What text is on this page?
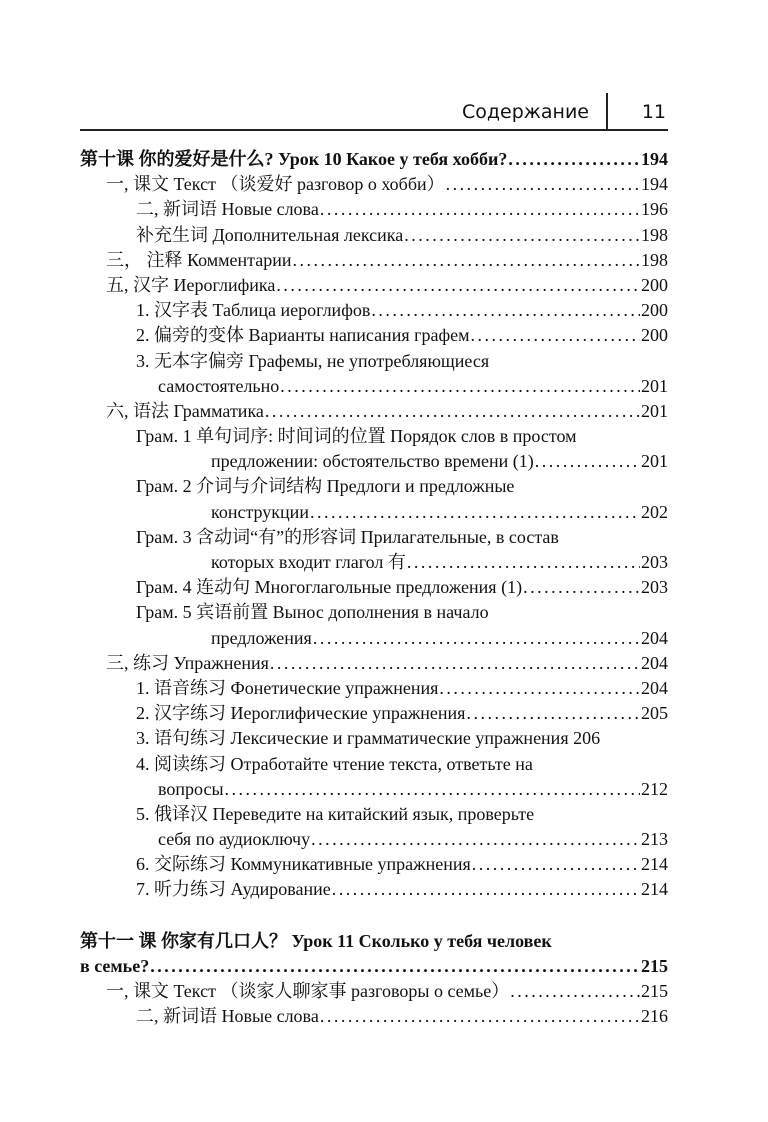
Содержание	11
第十课 你的爱好是什么? Урок 10 Какое у тебя хобби? . . .	194
一, 课文 Текст （谈爱好 разговор о хобби） . . .	194
二, 新词语 Новые слова . . .	196
补充生词 Дополнительная лексика . . .	198
三， 注释 Комментарии . . .	198
五, 汉字 Иероглифика . . .	200
1. 汉字表 Таблица иероглифов . . .	200
2. 偏旁的变体 Варианты написания графем . . .	200
3. 无本字偏旁 Графемы, не употребляющиеся
самостоятельно . . .	201
六, 语法 Грамматика . . .	201
Грам. 1 单句词序: 时间词的位置 Порядок слов в простом
предложении: обстоятельство времени (1) . . .	201
Грам. 2 介词与介词结构 Предлоги и предложные
конструкции . . .	202
Грам. 3 含动词“有”的形容词 Прилагательные, в состав
которых входит глагол 有 . . .	203
Грам. 4 连动句 Многоглагольные предложения (1) . . .	203
Грам. 5 宾语前置 Вынос дополнения в начало
предложения . . .	204
三, 练习 Упражнения . . .	204
1. 语音练习 Фонетические упражнения . . .	204
2. 汉字练习 Иероглифические упражнения . . .	205
3. 语句练习 Лексические и грамматические упражнения 206
4. 阅读练习 Отработайте чтение текста, ответьте на
вопросы . . .	212
5. 俄译汉 Переведите на китайский язык, проверьте
себя по аудиоключу . . .	213
6. 交际练习 Коммуникативные упражнения . . .	214
7. 听力练习 Аудирование . . .	214
第十一 课 你家有几口人？ Урок 11 Сколько у тебя человек
в семье? . . .	215
一, 课文 Текст （谈家人聊家事 разговоры о семье） . . .	215
二, 新词语 Новые слова . . .	216
